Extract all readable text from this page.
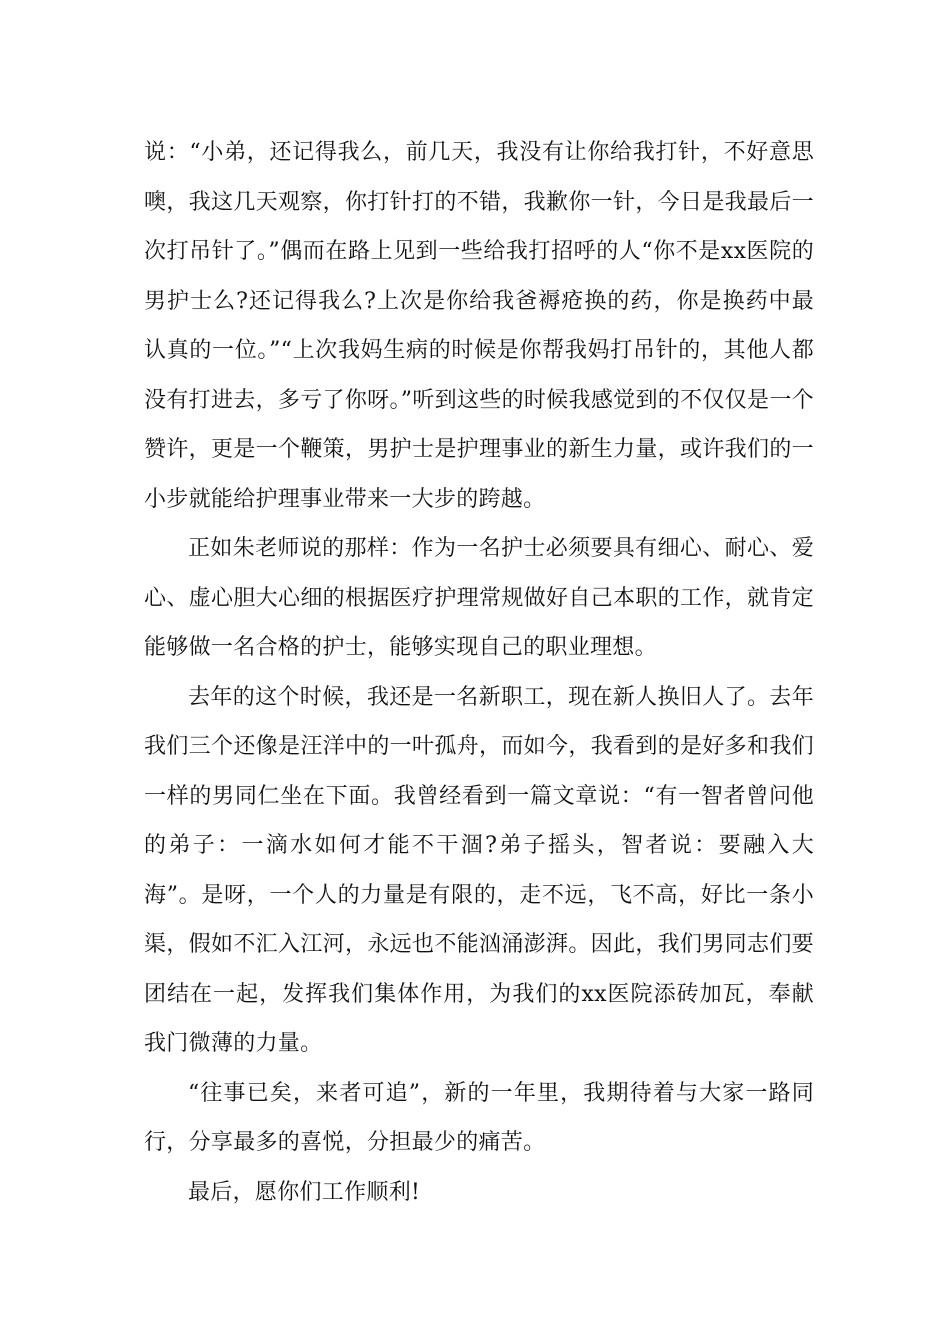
说：“小弟，还记得我么，前几天，我没有让你给我打针，不好意思噢，我这几天观察，你打针打的不错，我歉你一针，今日是我最后一次打吊针了。”偶而在路上见到一些给我打招呼的人“你不是xx医院的男护士么?还记得我么?上次是你给我爸褥疮换的药，你是换药中最认真的一位。”“上次我妈生病的时候是你帮我妈打吊针的，其他人都没有打进去，多亏了你呀。”听到这些的时候我感觉到的不仅仅是一个赞许，更是一个鞭策，男护士是护理事业的新生力量，或许我们的一小步就能给护理事业带来一大步的跨越。

正如朱老师说的那样：作为一名护士必须要具有细心、耐心、爱心、虚心胆大心细的根据医疗护理常规做好自己本职的工作，就肯定能够做一名合格的护士，能够实现自己的职业理想。

去年的这个时候，我还是一名新职工，现在新人换旧人了。去年我们三个还像是汪洋中的一叶孤舟，而如今，我看到的是好多和我们一样的男同仁坐在下面。我曾经看到一篇文章说：“有一智者曾问他的弟子：一滴水如何才能不干涸?弟子摇头，智者说：要融入大海”。是呀，一个人的力量是有限的，走不远，飞不高，好比一条小渠，假如不汇入江河，永远也不能汹涌澎湃。因此，我们男同志们要团结在一起，发挥我们集体作用，为我们的xx医院添砖加瓦，奉献我门微薄的力量。

“往事已矣，来者可追”，新的一年里，我期待着与大家一路同行，分享最多的喜悦，分担最少的痛苦。

最后，愿你们工作顺利!
